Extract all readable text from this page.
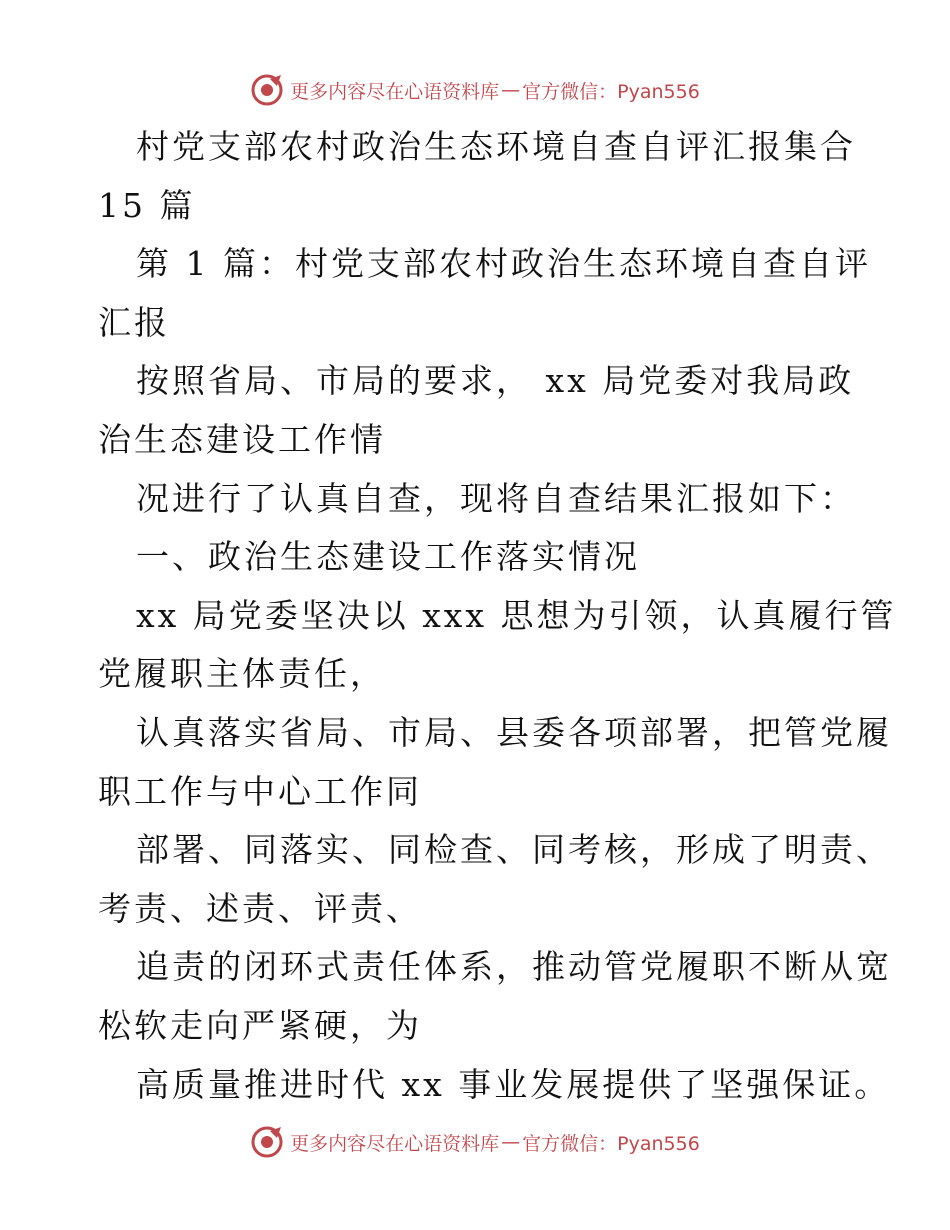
更多内容尽在心语资料库 — 官方微信：Pyan556
村党支部农村政治生态环境自查自评汇报集合
15 篇
第 1 篇：村党支部农村政治生态环境自查自评
汇报
按照省局、市局的要求， xx 局党委对我局政
治生态建设工作情
况进行了认真自查，现将自查结果汇报如下：
一、政治生态建设工作落实情况
xx 局党委坚决以 xxx 思想为引领，认真履行管
党履职主体责任，
认真落实省局、市局、县委各项部署，把管党履
职工作与中心工作同
部署、同落实、同检查、同考核，形成了明责、
考责、述责、评责、
追责的闭环式责任体系，推动管党履职不断从宽
松软走向严紧硬，为
高质量推进时代 xx 事业发展提供了坚强保证。
更多内容尽在心语资料库 — 官方微信：Pyan556
